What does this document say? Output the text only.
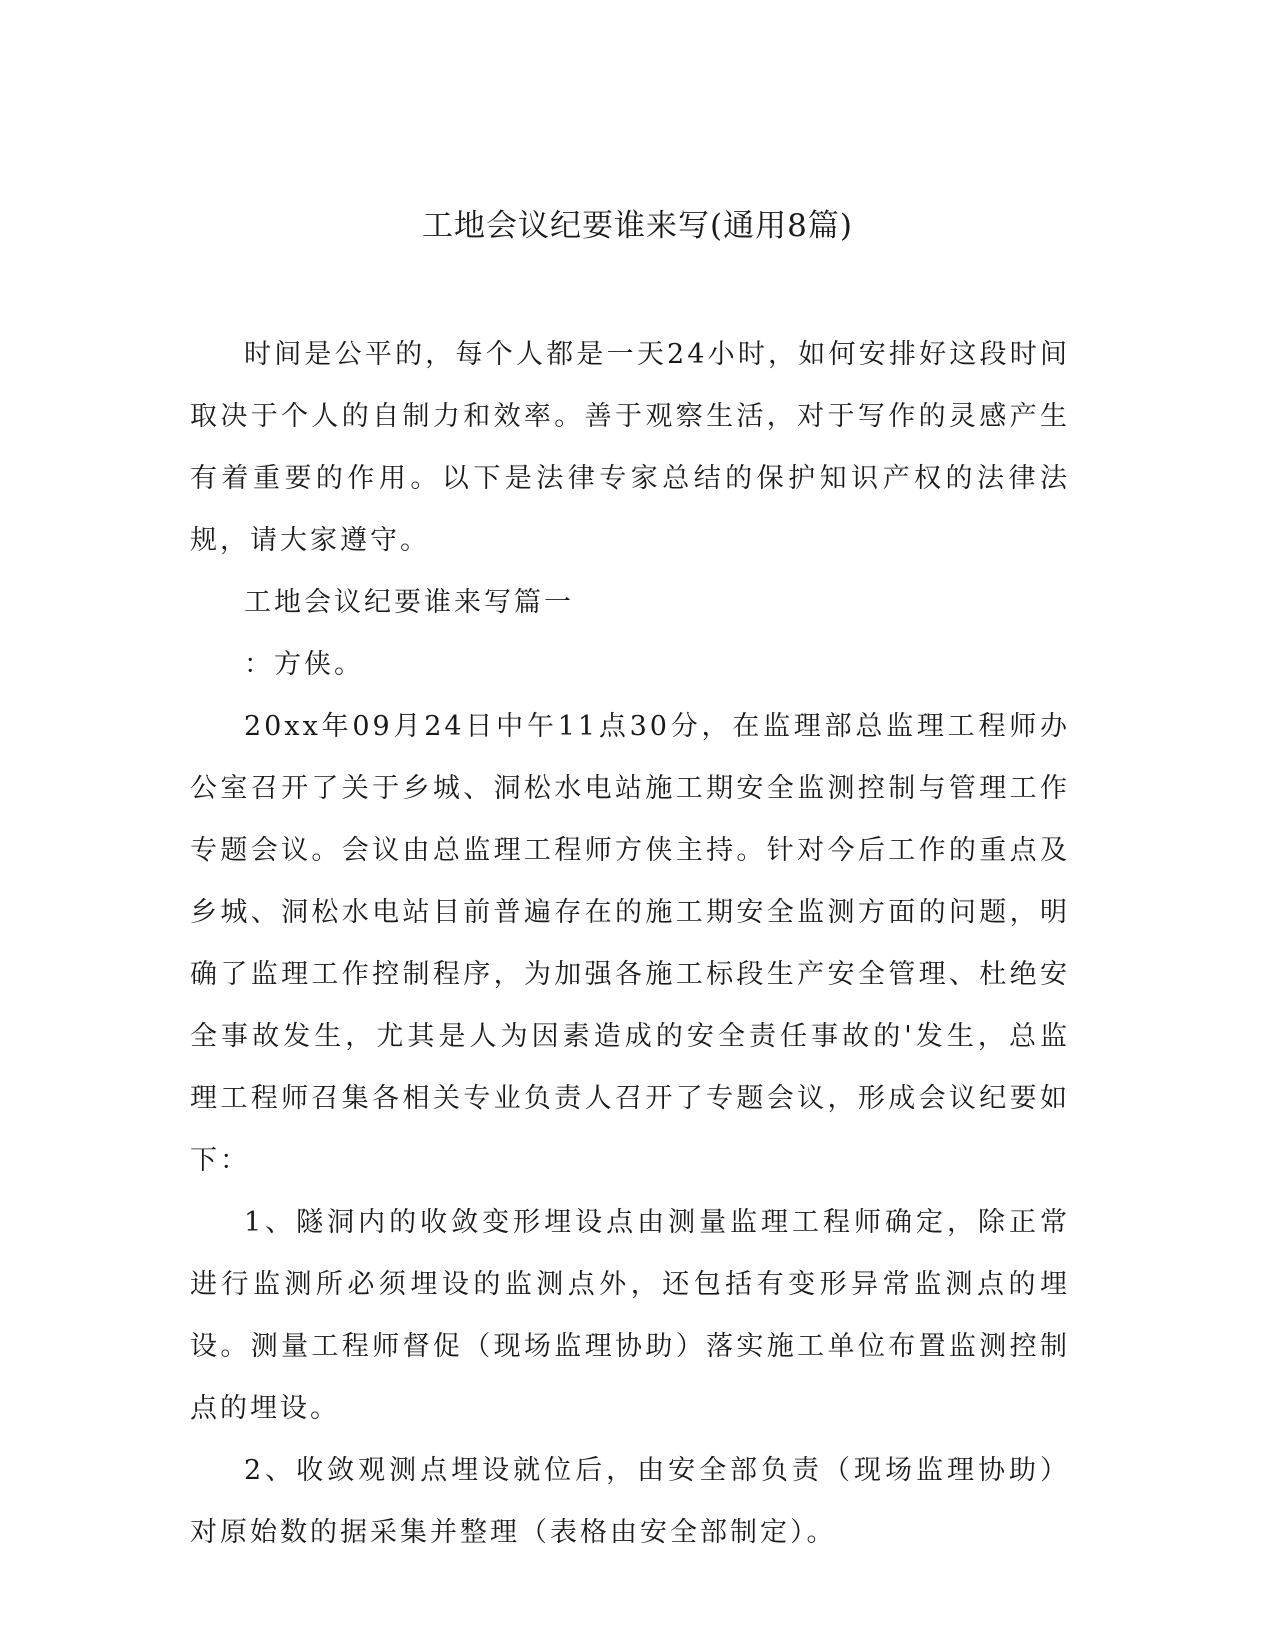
工地会议纪要谁来写(通用8篇)

时间是公平的，每个人都是一天24小时，如何安排好这段时间取决于个人的自制力和效率。善于观察生活，对于写作的灵感产生有着重要的作用。以下是法律专家总结的保护知识产权的法律法规，请大家遵守。

工地会议纪要谁来写篇一

：方侠。

20xx年09月24日中午11点30分，在监理部总监理工程师办公室召开了关于乡城、洞松水电站施工期安全监测控制与管理工作专题会议。会议由总监理工程师方侠主持。针对今后工作的重点及乡城、洞松水电站目前普遍存在的施工期安全监测方面的问题，明确了监理工作控制程序，为加强各施工标段生产安全管理、杜绝安全事故发生，尤其是人为因素造成的安全责任事故的'发生，总监理工程师召集各相关专业负责人召开了专题会议，形成会议纪要如下：

1、隧洞内的收敛变形埋设点由测量监理工程师确定，除正常进行监测所必须埋设的监测点外，还包括有变形异常监测点的埋设。测量工程师督促（现场监理协助）落实施工单位布置监测控制点的埋设。

2、收敛观测点埋设就位后，由安全部负责（现场监理协助）对原始数的据采集并整理（表格由安全部制定）。
